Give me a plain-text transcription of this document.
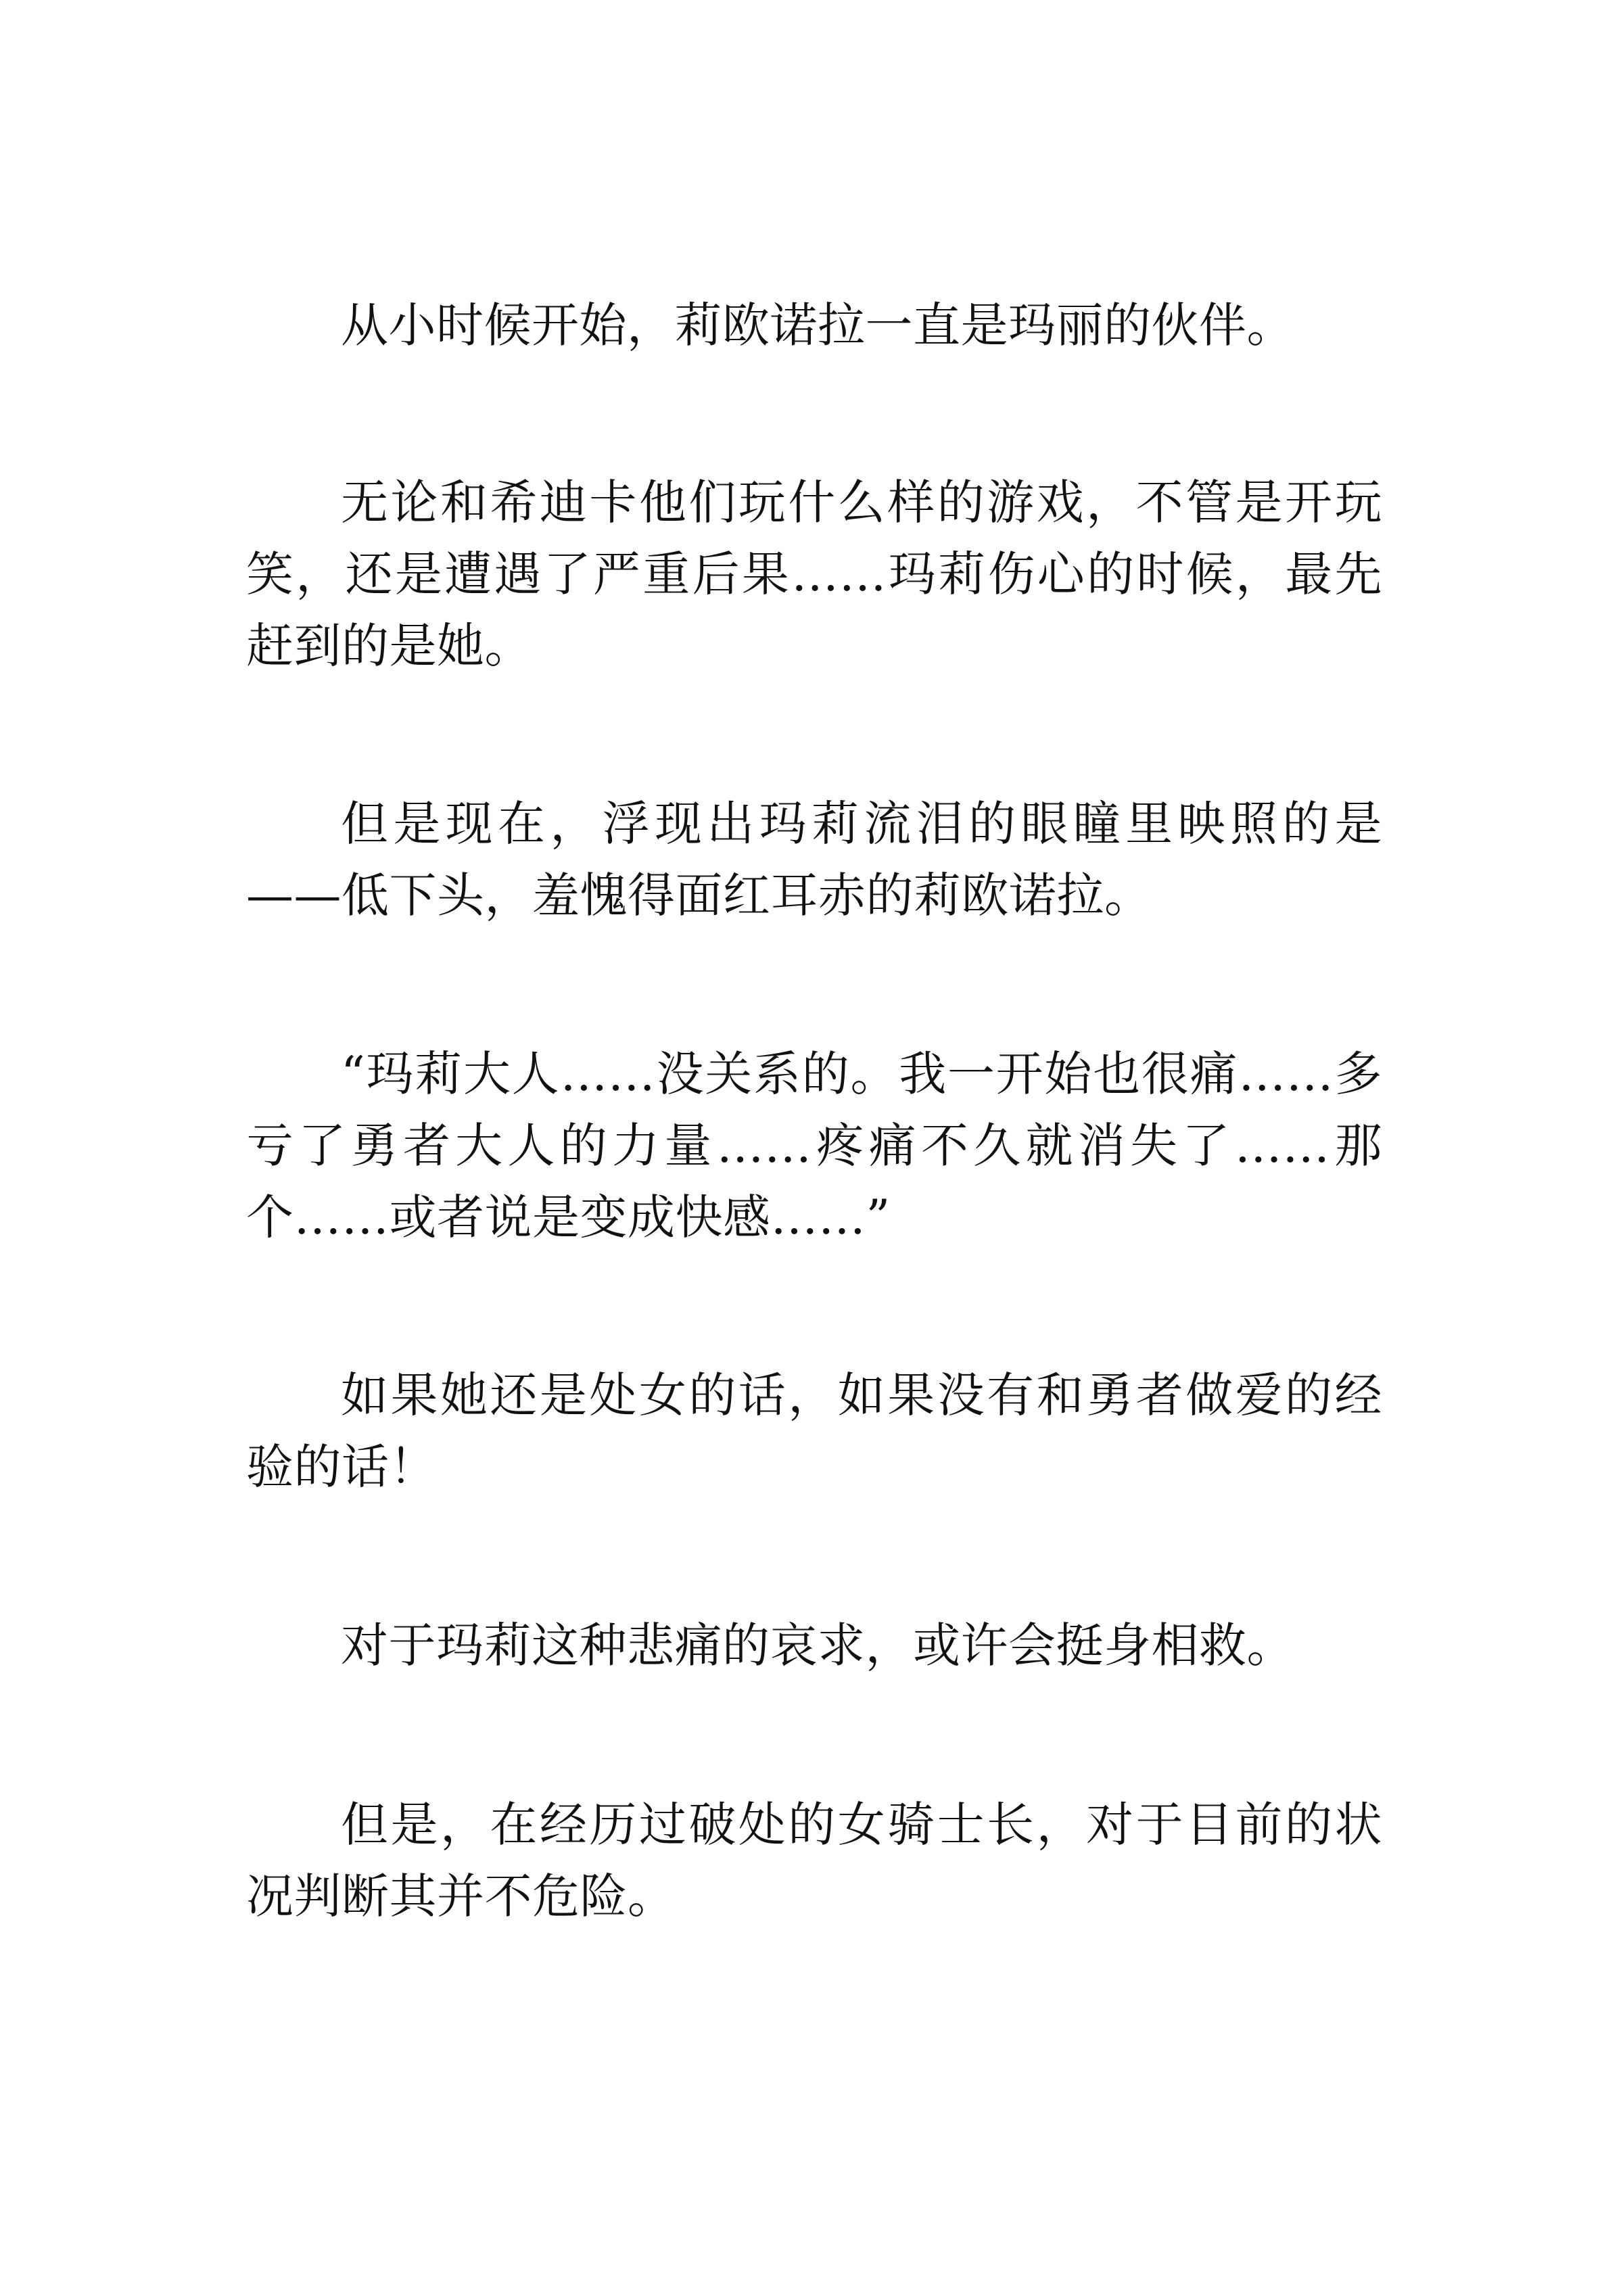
从小时候开始，莉欧诺拉一直是玛丽的伙伴。

无论和希迪卡他们玩什么样的游戏，不管是开玩笑，还是遭遇了严重后果……玛莉伤心的时候，最先赶到的是她。

但是现在，浮现出玛莉流泪的眼瞳里映照的是——低下头，羞愧得面红耳赤的莉欧诺拉。

“玛莉大人……没关系的。我一开始也很痛……多亏了勇者大人的力量……疼痛不久就消失了……那个……或者说是变成快感……”

如果她还是处女的话，如果没有和勇者做爱的经验的话！

对于玛莉这种悲痛的哀求，或许会挺身相救。

但是，在经历过破处的女骑士长，对于目前的状况判断其并不危险。
